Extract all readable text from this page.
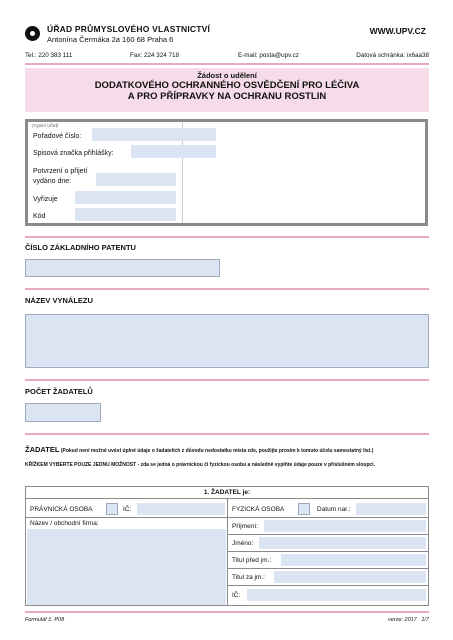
ÚŘAD PRŮMYSLOVÉHO VLASTNICTVÍ
Antonína Čermáka 2a 160 68 Praha 6
WWW.UPV.CZ
Tel.: 220 383 111	Fax: 224 324 718	E-mail: posta@upv.cz	Datová schránka: ix6aa38
Žádost o udělení
DODATKOVÉHO OCHRANNÉHO OSVĚDČENÍ PRO LÉČIVA
A PRO PŘÍPRAVKY NA OCHRANU ROSTLIN
(Vyplní Úřad)
Pořadové číslo:
Spisová značka přihlášky:
Potvrzení o přijetí
vydáno dne:
Vyřizuje
Kód
ČÍSLO ZÁKLADNÍHO PATENTU
NÁZEV VYNÁLEZU
POČET ŽADATELŮ
ŽADATEL (Pokud není možné uvést úplné údaje o žadatelích z důvodu nedostatku místa zde, použijte prosím k tomuto účelu samostatný list.)
KŘÍŽKEM VYBERTE POUZE JEDNU MOŽNOST - zda se jedná o právnickou či fyzickou osobu a následně vyplňte údaje pouze v příslušném sloupci.
1. ŽADATEL je:
PRÁVNICKÁ OSOBA	IČ:
Název / obchodní firma:
FYZICKÁ OSOBA	Datum nar.:
Příjmení:
Jméno:
Titul před jm.:
Titul za jm.:
IČ:
Formulář č. P08	verze: 2017 1/7
